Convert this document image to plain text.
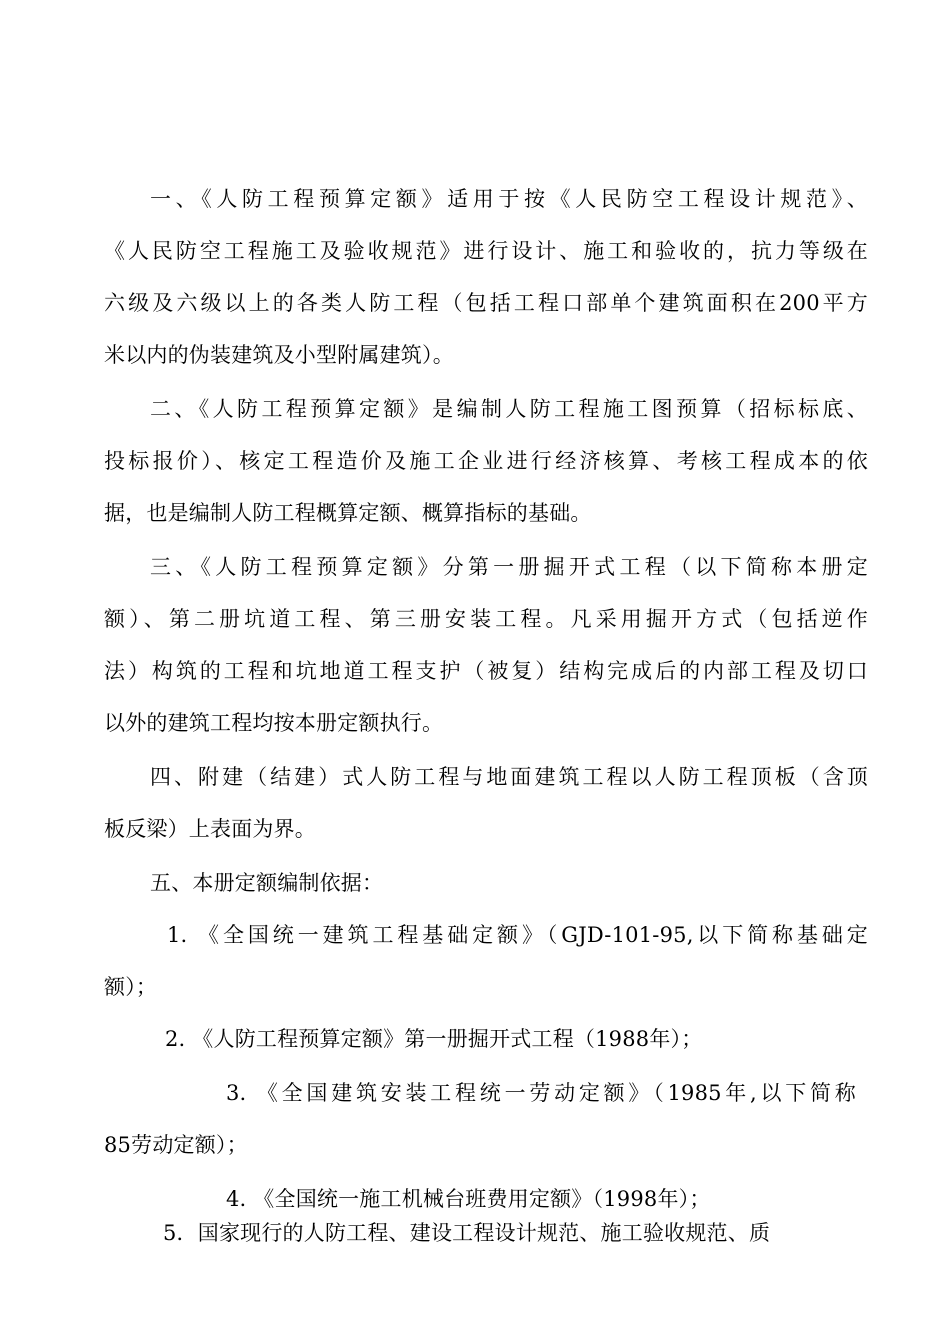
一、《人防工程预算定额》适用于按《人民防空工程设计规范》、
《人民防空工程施工及验收规范》进行设计、施工和验收的，抗力等级在
六级及六级以上的各类人防工程（包括工程口部单个建筑面积在200平方
米以内的伪装建筑及小型附属建筑）。
二、《人防工程预算定额》是编制人防工程施工图预算（招标标底、
投标报价）、核定工程造价及施工企业进行经济核算、考核工程成本的依
据，也是编制人防工程概算定额、概算指标的基础。
三、《人防工程预算定额》分第一册掘开式工程（以下简称本册定
额）、第二册坑道工程、第三册安装工程。凡采用掘开方式（包括逆作
法）构筑的工程和坑地道工程支护（被复）结构完成后的内部工程及切口
以外的建筑工程均按本册定额执行。
四、附建（结建）式人防工程与地面建筑工程以人防工程顶板（含顶
板反梁）上表面为界。
五、本册定额编制依据：
1. 《全国统一建筑工程基础定额》（GJD-101-95,以下简称基础定
额）；
2. 《人防工程预算定额》第一册掘开式工程（1988年）；
3. 《全国建筑安装工程统一劳动定额》（1985年,以下简称
85劳动定额）；
4. 《全国统一施工机械台班费用定额》（1998年）；
5．国家现行的人防工程、建设工程设计规范、施工验收规范、质
